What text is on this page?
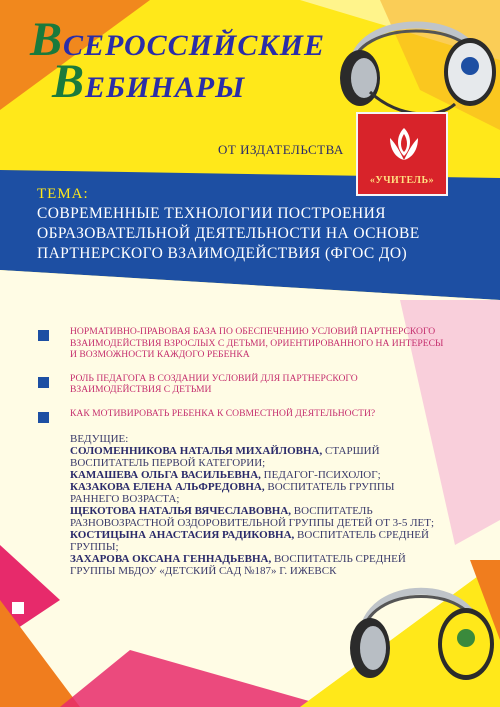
ВСЕРОССИЙСКИЕ
ВЕБИНАРЫ
ОТ ИЗДАТЕЛЬСТВА
«УЧИТЕЛЬ»
ТЕМА:
СОВРЕМЕННЫЕ ТЕХНОЛОГИИ ПОСТРОЕНИЯ
ОБРАЗОВАТЕЛЬНОЙ ДЕЯТЕЛЬНОСТИ НА ОСНОВЕ
ПАРТНЕРСКОГО ВЗАИМОДЕЙСТВИЯ (ФГОС ДО)
НОРМАТИВНО-ПРАВОВАЯ БАЗА ПО ОБЕСПЕЧЕНИЮ УСЛОВИЙ ПАРТНЕРСКОГО
ВЗАИМОДЕЙСТВИЯ ВЗРОСЛЫХ С ДЕТЬМИ, ОРИЕНТИРОВАННОГО НА ИНТЕРЕСЫ
И ВОЗМОЖНОСТИ КАЖДОГО РЕБЕНКА
РОЛЬ ПЕДАГОГА В СОЗДАНИИ УСЛОВИЙ ДЛЯ ПАРТНЕРСКОГО
ВЗАИМОДЕЙСТВИЯ С ДЕТЬМИ
КАК МОТИВИРОВАТЬ РЕБЕНКА К СОВМЕСТНОЙ ДЕЯТЕЛЬНОСТИ?
ВЕДУЩИЕ:
СОЛОМЕННИКОВА НАТАЛЬЯ МИХАЙЛОВНА, СТАРШИЙ
ВОСПИТАТЕЛЬ ПЕРВОЙ КАТЕГОРИИ;
КАМАШЕВА ОЛЬГА ВАСИЛЬЕВНА, ПЕДАГОГ-ПСИХОЛОГ;
КАЗАКОВА ЕЛЕНА АЛЬФРЕДОВНА, ВОСПИТАТЕЛЬ ГРУППЫ
РАННЕГО ВОЗРАСТА;
ЩЕКОТОВА НАТАЛЬЯ ВЯЧЕСЛАВОВНА, ВОСПИТАТЕЛЬ
РАЗНОВОЗРАСТНОЙ ОЗДОРОВИТЕЛЬНОЙ ГРУППЫ ДЕТЕЙ ОТ 3-5 ЛЕТ;
КОСТИЦЫНА АНАСТАСИЯ РАДИКОВНА, ВОСПИТАТЕЛЬ СРЕДНЕЙ
ГРУППЫ;
ЗАХАРОВА ОКСАНА ГЕННАДЬЕВНА, ВОСПИТАТЕЛЬ СРЕДНЕЙ
ГРУППЫ МБДОУ «ДЕТСКИЙ САД №187» Г. ИЖЕВСК
